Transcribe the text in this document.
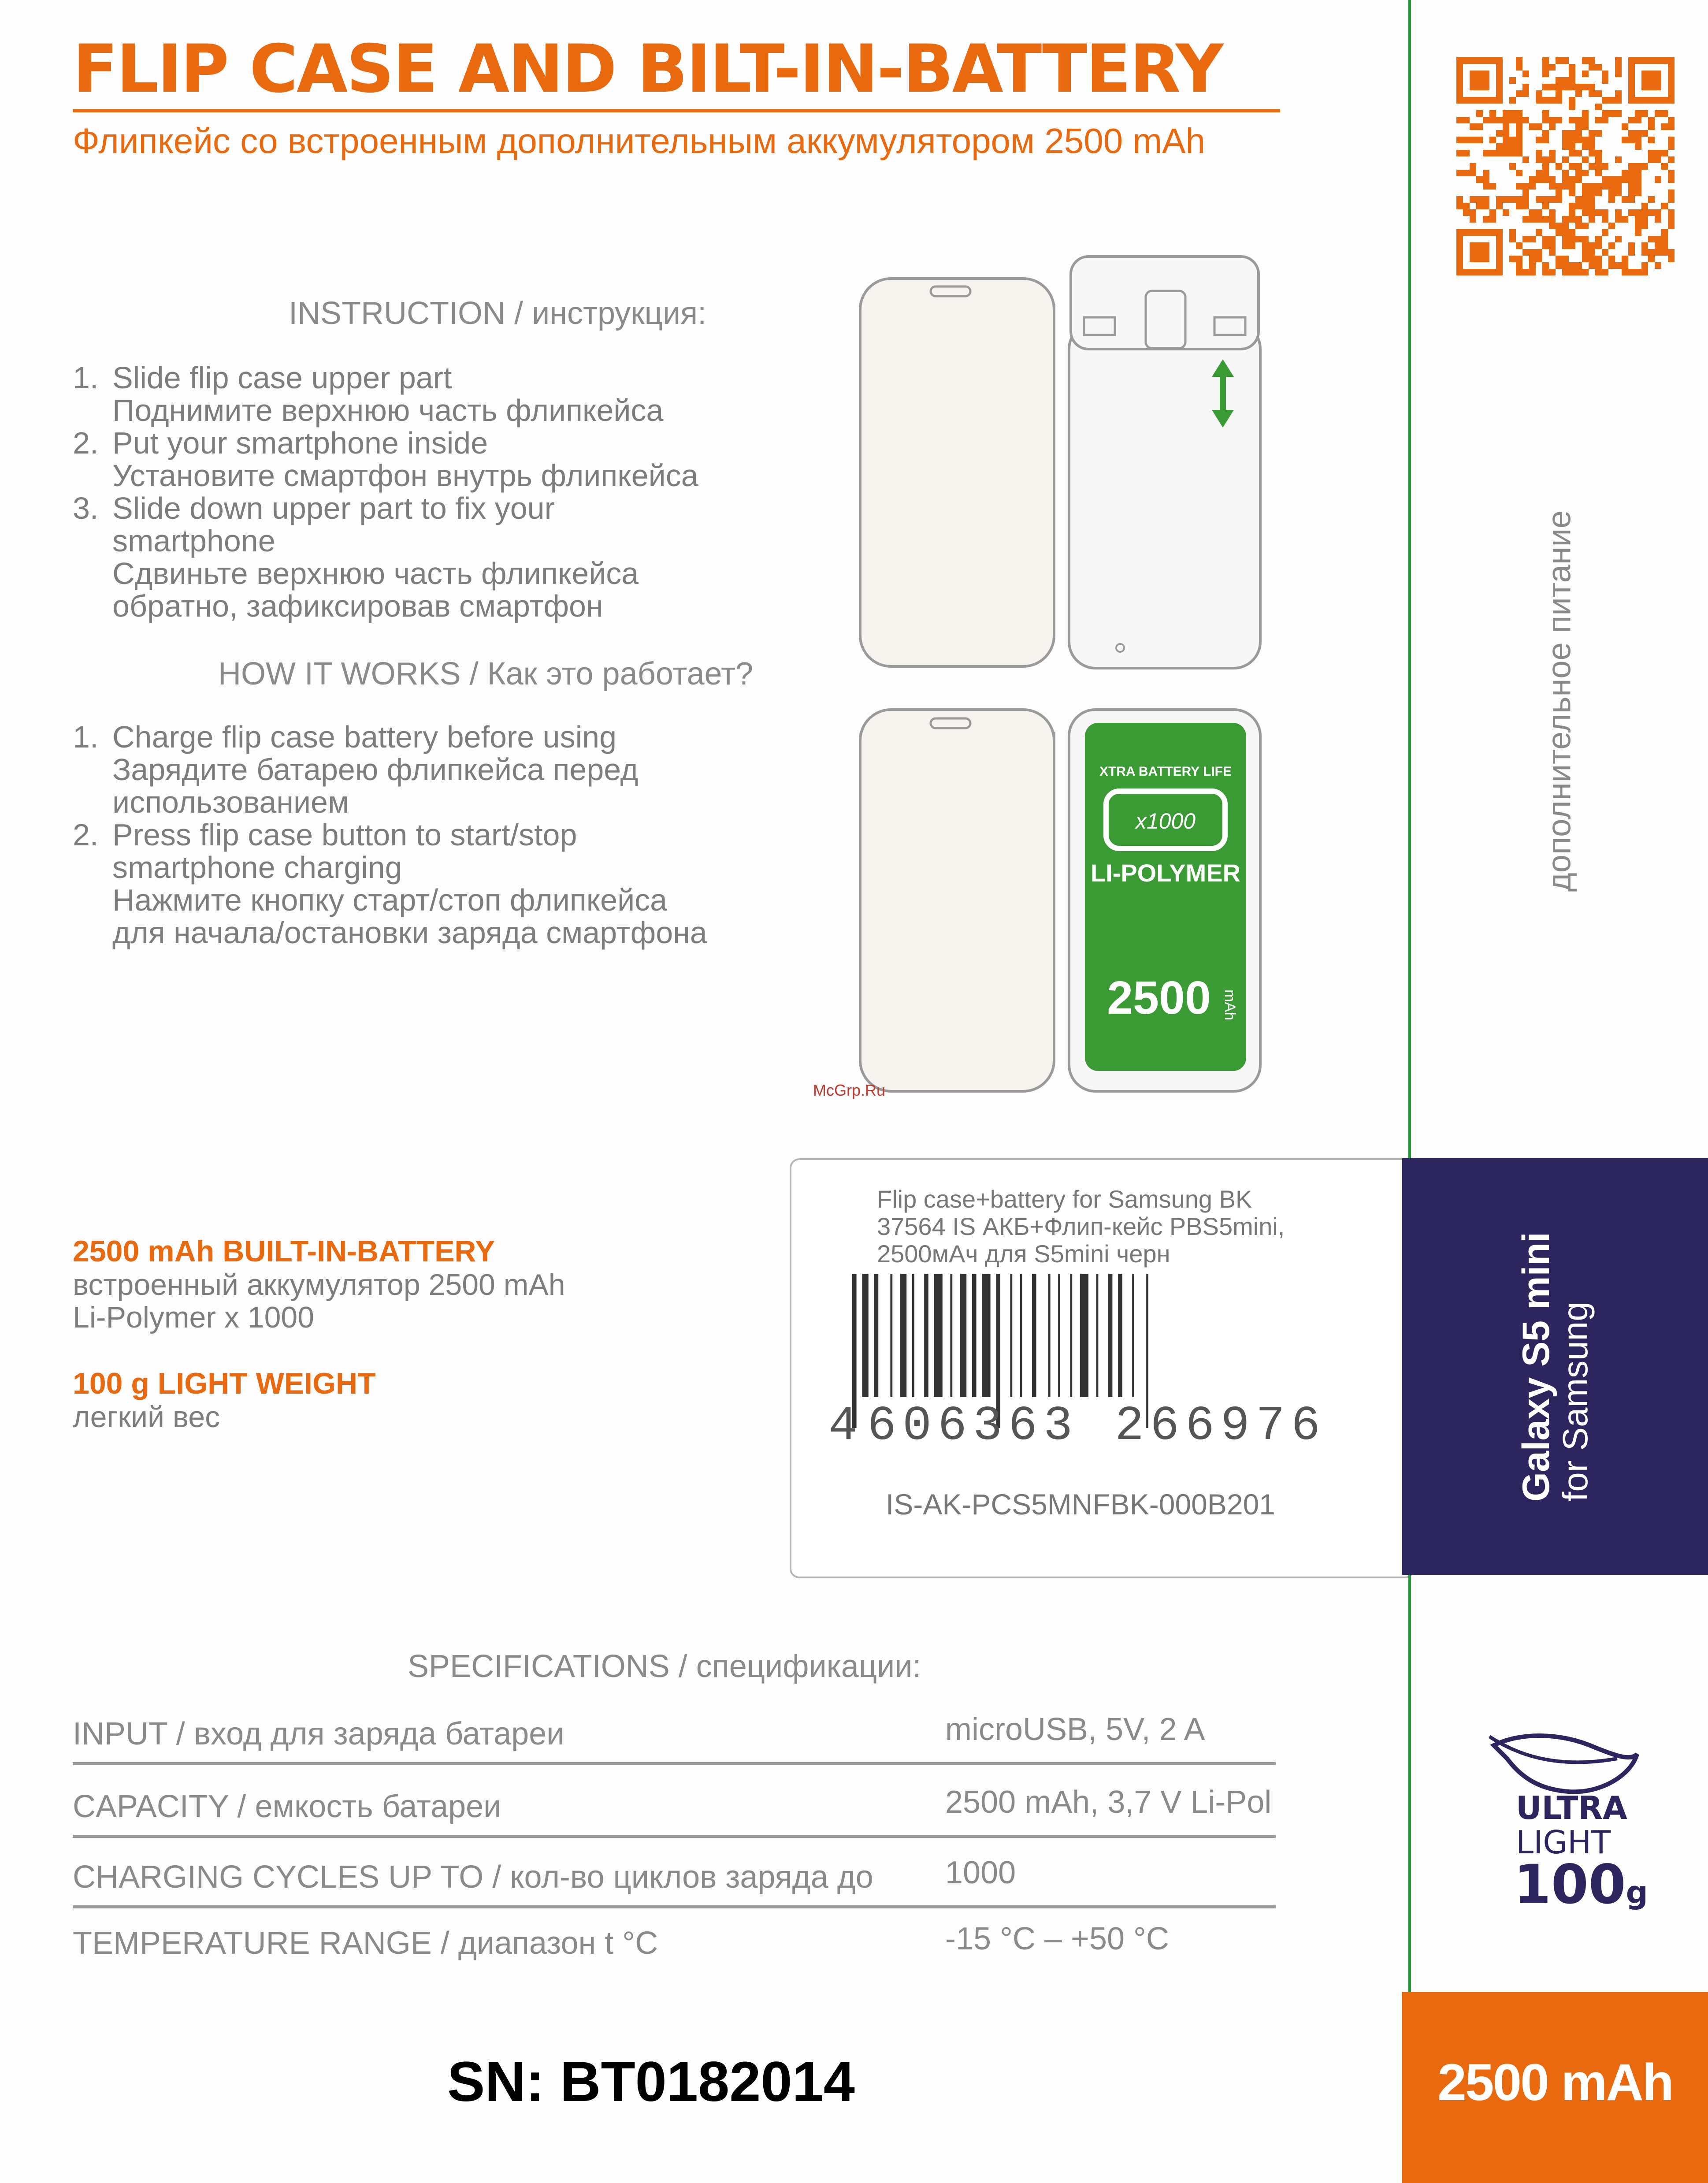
FLIP CASE AND BILT-IN-BATTERY
Флипкейс со встроенным дополнительным аккумулятором 2500 mAh
INSTRUCTION / инструкция:
1. Slide flip case upper part
Поднимите верхнюю часть флипкейса
2. Put your smartphone inside
Установите смартфон внутрь флипкейса
3. Slide down upper part to fix your
smartphone
Сдвиньте верхнюю часть флипкейса
обратно, зафиксировав смартфон
HOW IT WORKS / Как это работает?
1. Charge flip case battery before using
Зарядите батарею флипкейса перед
использованием
2. Press flip case button to start/stop
smartphone charging
Нажмите кнопку старт/стоп флипкейса
для начала/остановки заряда смартфона
XTRA BATTERY LIFE
x1000
LI-POLYMER
2500 mAh
McGrp.Ru
2500 mAh BUILT-IN-BATTERY
встроенный аккумулятор 2500 mAh
Li-Polymer x 1000
100 g LIGHT WEIGHT
легкий вес
Flip case+battery for Samsung BK
37564 IS АКБ+Флип-кейс PBS5mini,
2500мАч для S5mini черн
4 606363 266976
IS-AK-PCS5MNFBK-000B201
SPECIFICATIONS / спецификации:
INPUT / вход для заряда батареи	microUSB, 5V, 2 A
CAPACITY / емкость батареи	2500 mAh, 3,7 V Li-Pol
CHARGING CYCLES UP TO / кол-во циклов заряда до 1000
TEMPERATURE RANGE / диапазон t °C	-15 °C – +50 °C
SN: BT0182014
дополнительное питание
Galaxy S5 mini
for Samsung
ULTRA
LIGHT
100g
2500 mAh
